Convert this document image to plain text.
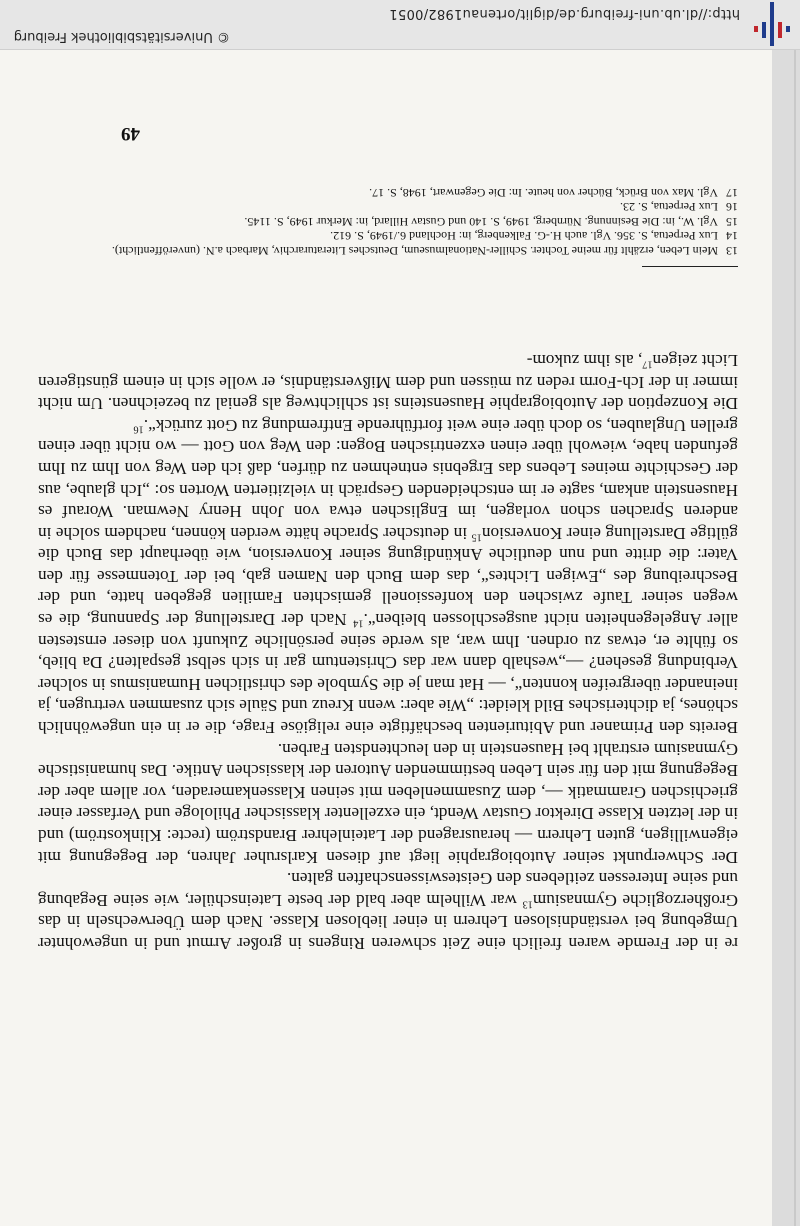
© Universitätsbibliothek Freiburg
http://dl.ub.uni-freiburg.de/diglit/ortenau1982/0051

re in der Fremde waren freilich eine Zeit schweren Ringens in großer Armut und in ungewohnter Umgebung bei verständnislosen Lehrern in einer lieblosen Klasse. Nach dem Überwechseln in das Großherzogliche Gymnasium$^{13}$ war Wilhelm aber bald der beste Lateinschüler, wie seine Begabung und seine Interessen zeitlebens den Geisteswissenschaften galten.

Der Schwerpunkt seiner Autobiographie liegt auf diesen Karlsruher Jahren, der Begegnung mit eigenwilligen, guten Lehrern — herausragend der Lateinlehrer Brandström (recte: Klinkoström) und in der letzten Klasse Direktor Gustav Wendt, ein exzellenter klassischer Philologe und Verfasser einer griechischen Grammatik —, dem Zusammenleben mit seinen Klassenkameraden, vor allem aber der Begegnung mit den für sein Leben bestimmenden Autoren der klassischen Antike. Das humanistische Gymnasium erstrahlt bei Hausenstein in den leuchtendsten Farben.

Bereits den Primaner und Abiturienten beschäftigte eine religiöse Frage, die er in ein ungewöhnlich schönes, ja dichterisches Bild kleidet: „Wie aber: wenn Kreuz und Säule sich zusammen vertrugen, ja ineinander übergreifen konnten“, — Hat man je die Symbole des christlichen Humanismus in solcher Verbindung gesehen? —„weshalb dann war das Christentum gar in sich selbst gespalten? Da blieb, so fühlte er, etwas zu ordnen. Ihm war, als werde seine persönliche Zukunft von dieser ernstesten aller Angelegenheiten nicht ausgeschlossen bleiben“.$^{14}$ Nach der Darstellung der Spannung, die es wegen seiner Taufe zwischen den konfessionell gemischten Familien gegeben hatte, und der Beschreibung des „Ewigen Lichtes“, das dem Buch den Namen gab, bei der Totenmesse für den Vater: die dritte und nun deutliche Ankündigung seiner Konversion, wie überhaupt das Buch die gültige Darstellung einer Konversion$^{15}$ in deutscher Sprache hätte werden können, nachdem solche in anderen Sprachen schon vorlagen, im Englischen etwa von John Henry Newman. Worauf es Hausenstein ankam, sagte er im entscheidenden Gespräch in vielzitierten Worten so: „Ich glaube, aus der Geschichte meines Lebens das Ergebnis entnehmen zu dürfen, daß ich den Weg von Ihm zu Ihm gefunden habe, wiewohl über einen exzentrischen Bogen: den Weg von Gott — wo nicht über einen grellen Unglauben, so doch über eine weit fortführende Entfremdung zu Gott zurück“.$^{16}$

Die Konzeption der Autobiographie Hausensteins ist schlichtweg als genial zu bezeichnen. Um nicht immer in der Ich-Form reden zu müssen und dem Mißverständnis, er wolle sich in einem günstigeren Licht zeigen$^{17}$, als ihm zukom-

13
Mein Leben, erzählt für meine Tochter. Schiller-Nationalmuseum, Deutsches Literaturarchiv, Marbach a.N. (unveröffentlicht).
14
Lux Perpetua, S. 356. Vgl. auch H.-G. Falkenberg, in: Hochland 6./1949, S. 612.
15
Vgl. W., in: Die Besinnung. Nürnberg, 1949, S. 140 und Gustav Hillard, in: Merkur 1949, S. 1145.
16
Lux Perpetua, S. 23.
17
Vgl. Max von Brück, Bücher von heute. In: Die Gegenwart, 1948, S. 17.
49
